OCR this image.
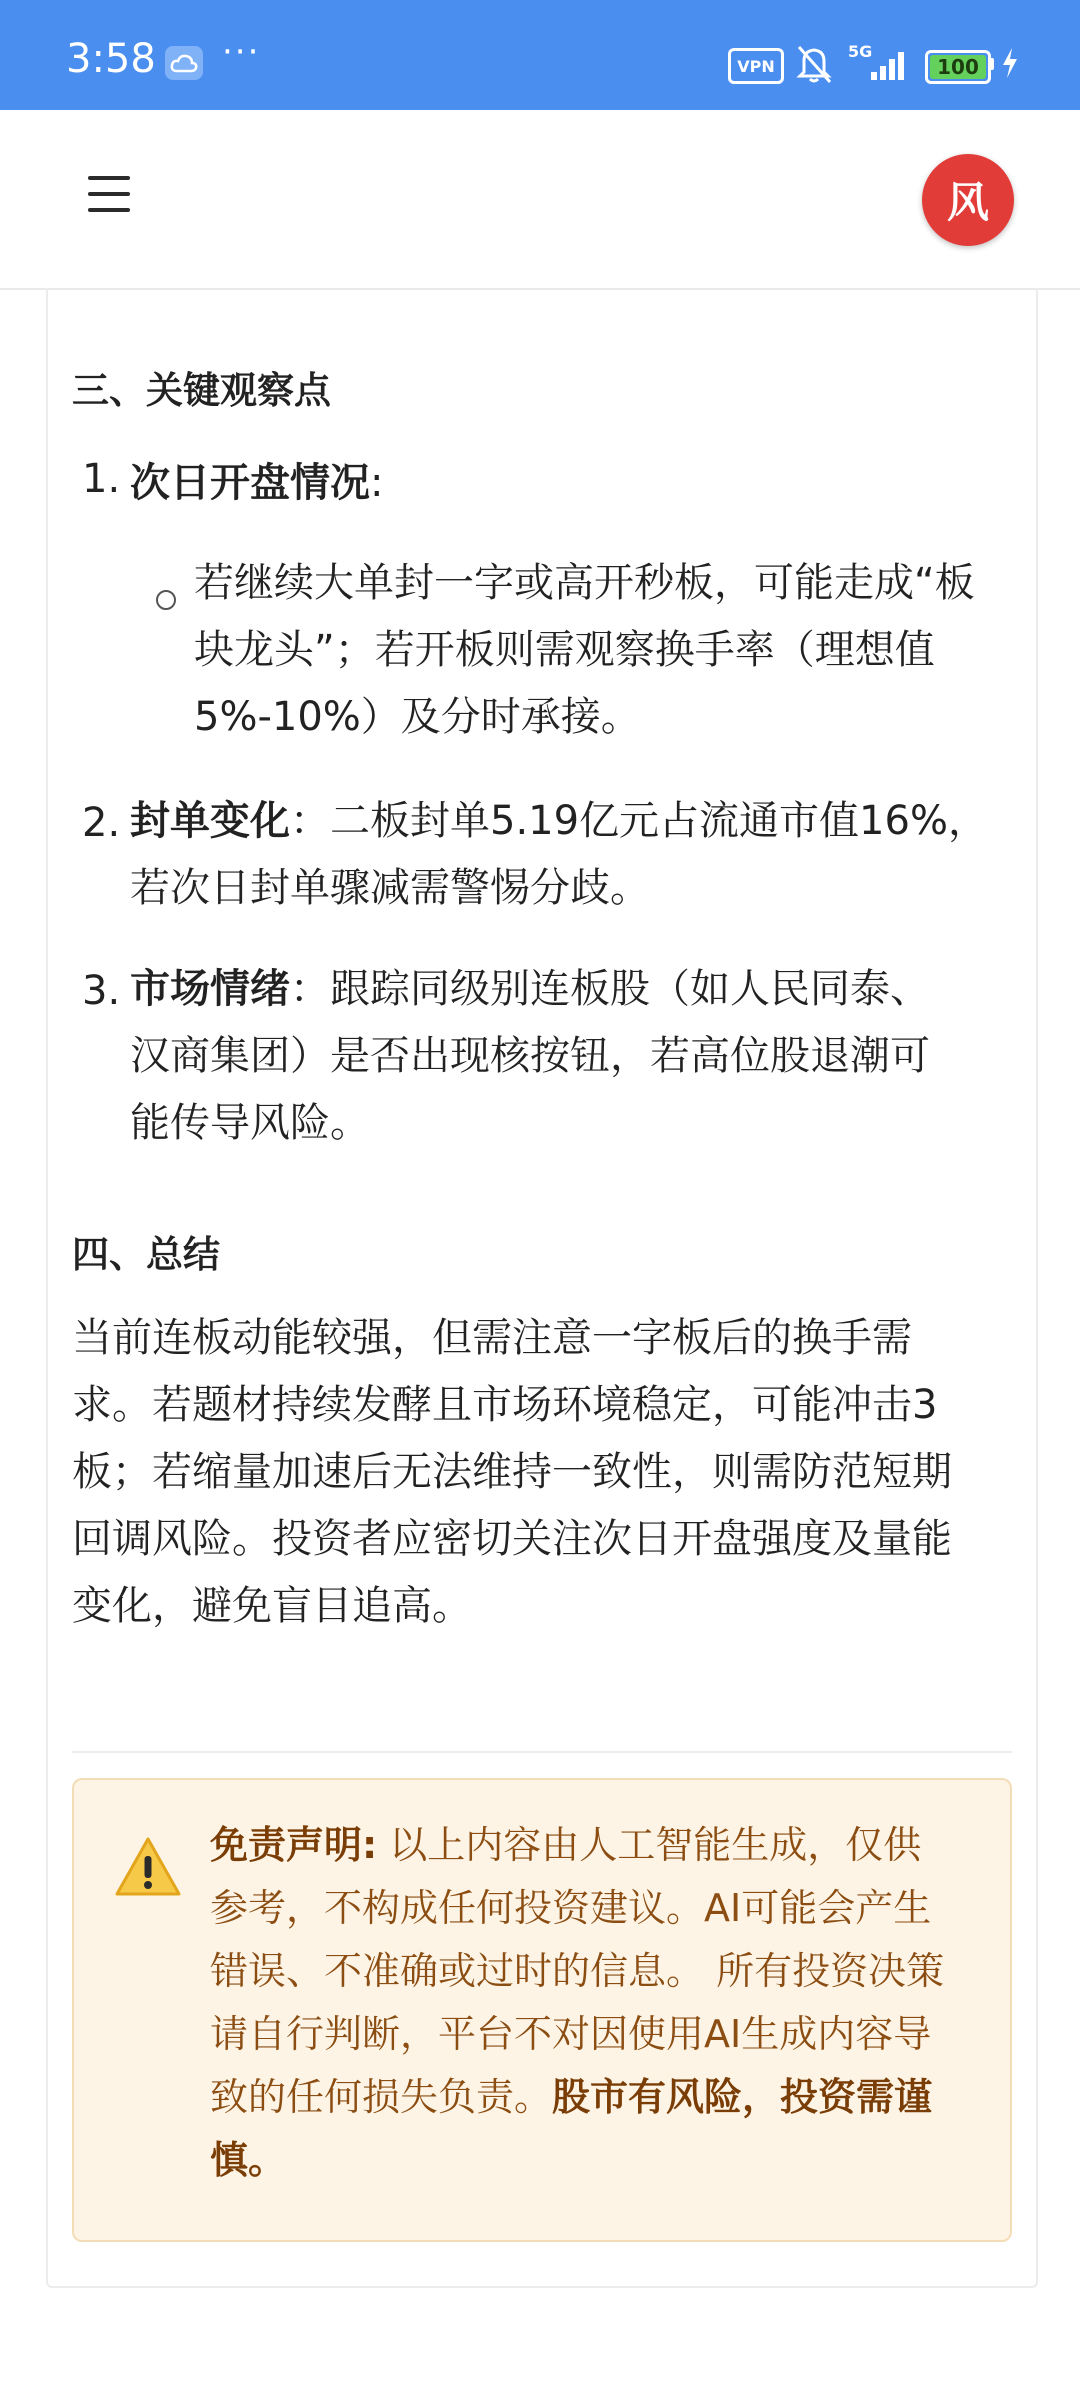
3:58 ···	VPN
5G
100
风
三、关键观察点
1. 次日开盘情况:
若继续大单封一字或高开秒板，可能走成“板
块龙头”；若开板则需观察换手率（理想值
5%-10%）及分时承接。
2. 封单变化：二板封单5.19亿元占流通市值16%，
若次日封单骤减需警惕分歧。
3. 市场情绪：跟踪同级别连板股（如人民同泰、
汉商集团）是否出现核按钮，若高位股退潮可
能传导风险。
四、总结
当前连板动能较强，但需注意一字板后的换手需
求。若题材持续发酵且市场环境稳定，可能冲击3
板；若缩量加速后无法维持一致性，则需防范短期
回调风险。投资者应密切关注次日开盘强度及量能
变化，避免盲目追高。
免责声明: 以上内容由人工智能生成，仅供
参考，不构成任何投资建议。AI可能会产生
错误、不准确或过时的信息。 所有投资决策
请自行判断，平台不对因使用AI生成内容导
致的任何损失负责。股市有风险，投资需谨
慎。
